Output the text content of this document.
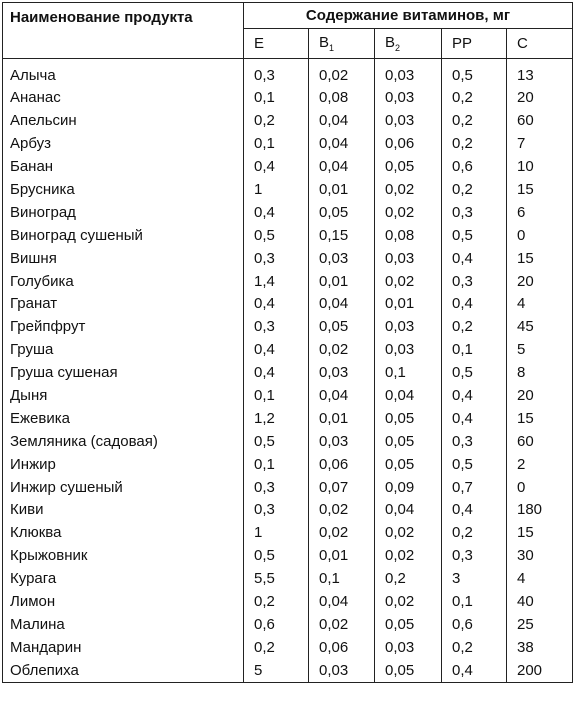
Наименование продукта	Содержание витаминов, мг				
	E	$B_1$	$B_2$	PP	C
Алыча	0,3	0,02	0,03	0,5	13
Ананас	0,1	0,08	0,03	0,2	20
Апельсин	0,2	0,04	0,03	0,2	60
Арбуз	0,1	0,04	0,06	0,2	7
Банан	0,4	0,04	0,05	0,6	10
Брусника	1	0,01	0,02	0,2	15
Виноград	0,4	0,05	0,02	0,3	6
Виноград сушеный	0,5	0,15	0,08	0,5	0
Вишня	0,3	0,03	0,03	0,4	15
Голубика	1,4	0,01	0,02	0,3	20
Гранат	0,4	0,04	0,01	0,4	4
Грейпфрут	0,3	0,05	0,03	0,2	45
Груша	0,4	0,02	0,03	0,1	5
Груша сушеная	0,4	0,03	0,1	0,5	8
Дыня	0,1	0,04	0,04	0,4	20
Ежевика	1,2	0,01	0,05	0,4	15
Земляника (садовая)	0,5	0,03	0,05	0,3	60
Инжир	0,1	0,06	0,05	0,5	2
Инжир сушеный	0,3	0,07	0,09	0,7	0
Киви	0,3	0,02	0,04	0,4	180
Клюква	1	0,02	0,02	0,2	15
Крыжовник	0,5	0,01	0,02	0,3	30
Курага	5,5	0,1	0,2	3	4
Лимон	0,2	0,04	0,02	0,1	40
Малина	0,6	0,02	0,05	0,6	25
Мандарин	0,2	0,06	0,03	0,2	38
Облепиха	5	0,03	0,05	0,4	200
